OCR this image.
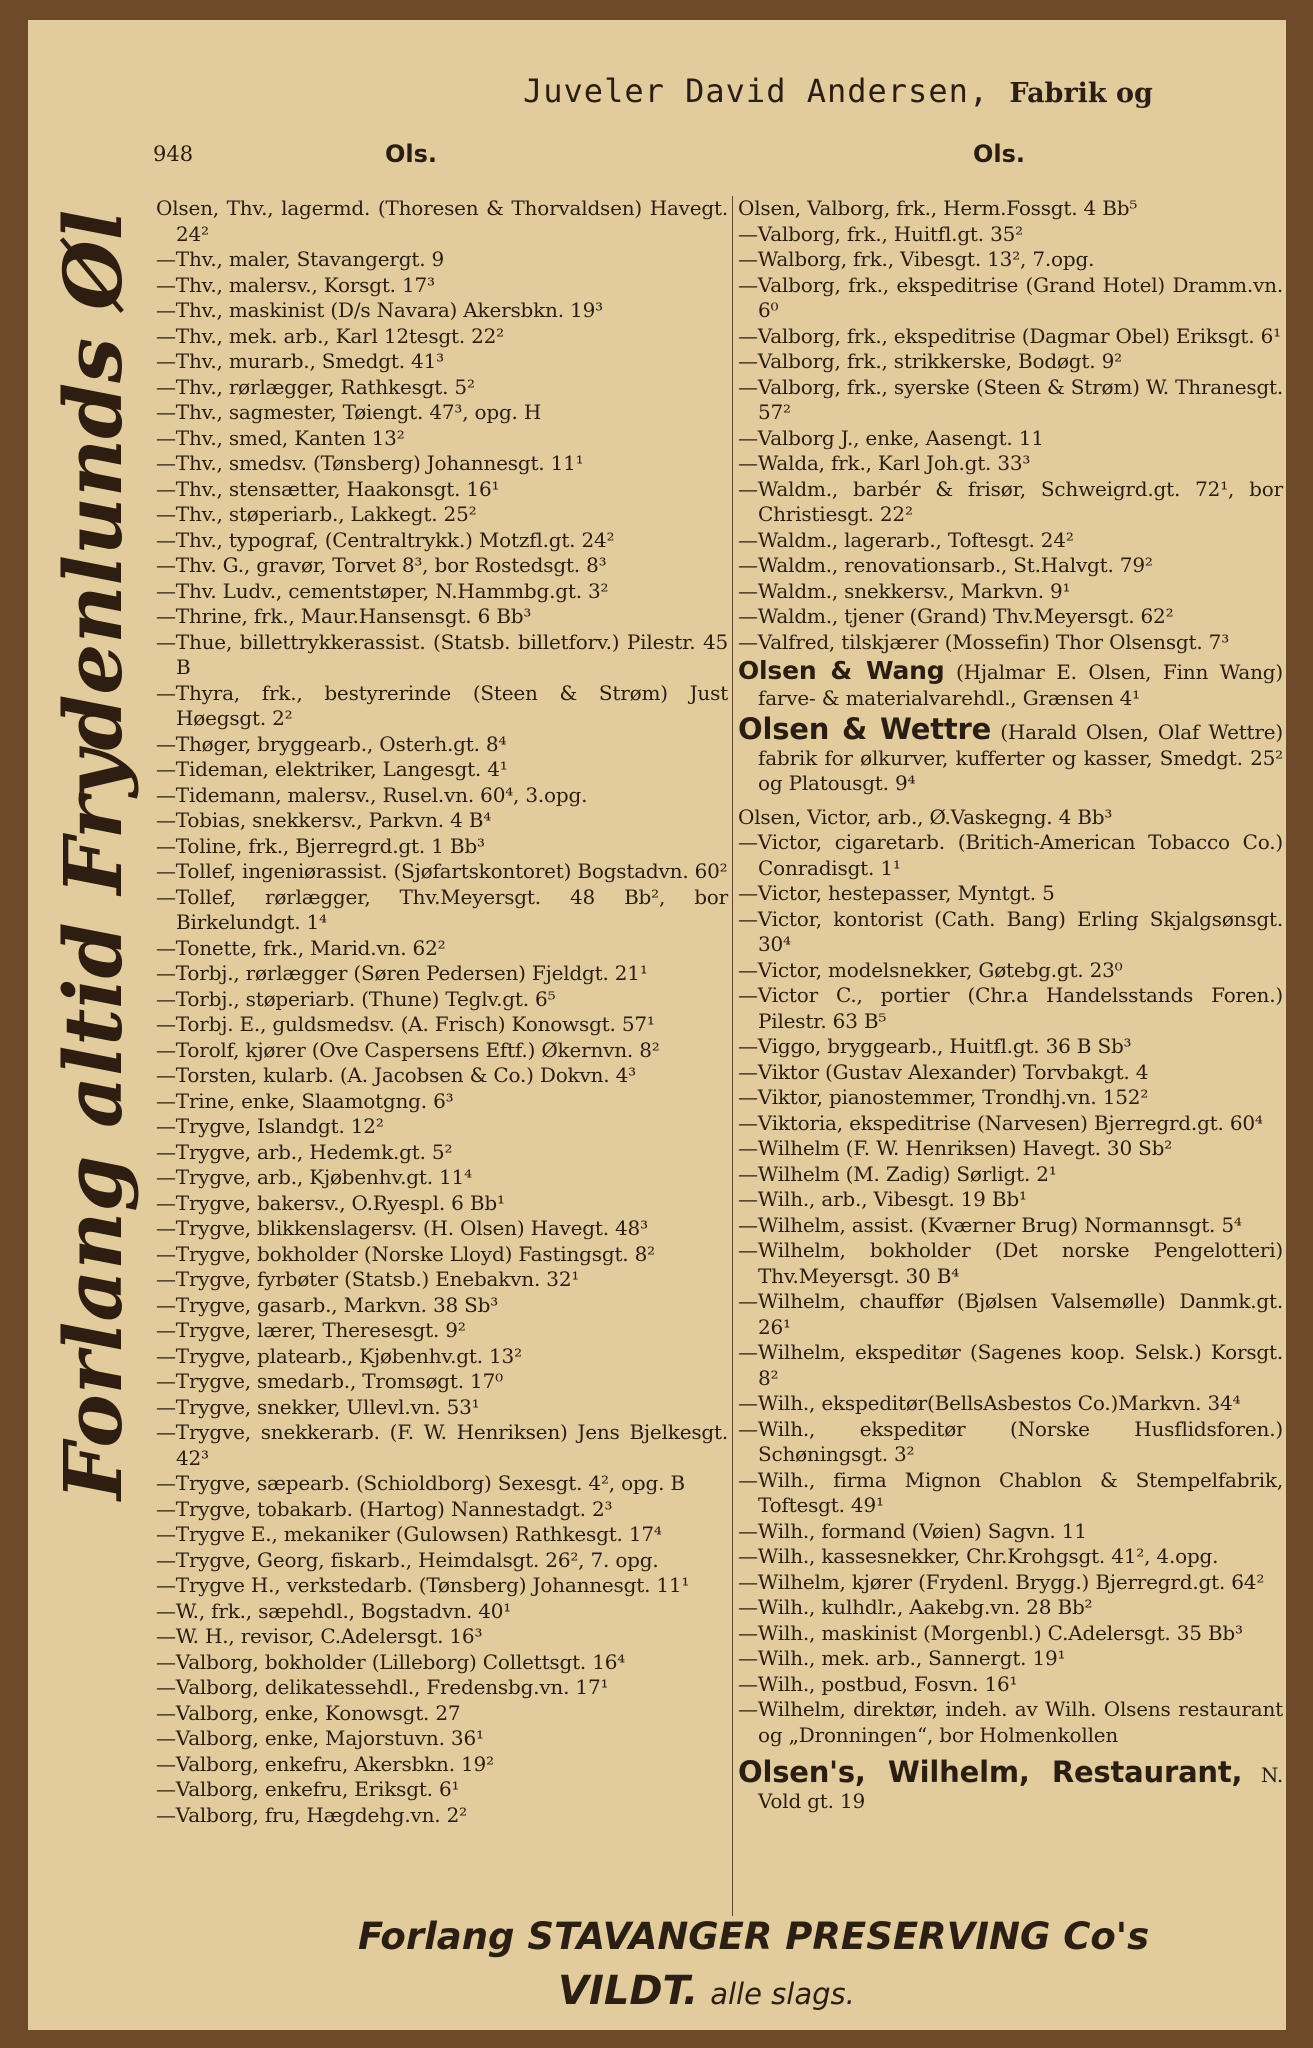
Juveler David Andersen, Fabrik og
948	Ols.	Ols.
Forlang altid Frydenlunds Øl
Olsen, Thv., lagermd. (Thoresen & Thorvaldsen) Havegt. 24²
—Thv., maler, Stavangergt. 9
—Thv., malersv., Korsgt. 17³
—Thv., maskinist (D/s Navara) Akersbkn. 19³
—Thv., mek. arb., Karl 12tesgt. 22²
—Thv., murarb., Smedgt. 41³
—Thv., rørlægger, Rathkesgt. 5²
—Thv., sagmester, Tøiengt. 47³, opg. H
—Thv., smed, Kanten 13²
—Thv., smedsv. (Tønsberg) Johannesgt. 11¹
—Thv., stensætter, Haakonsgt. 16¹
—Thv., støperiarb., Lakkegt. 25²
—Thv., typograf, (Centraltrykk.) Motzfl.gt. 24²
—Thv. G., gravør, Torvet 8³, bor Rostedsgt. 8³
—Thv. Ludv., cementstøper, N.Hammbg.gt. 3²
—Thrine, frk., Maur.Hansensgt. 6 Bb³
—Thue, billettrykkerassist. (Statsb. billetforv.) Pilestr. 45 B
—Thyra, frk., bestyrerinde (Steen & Strøm) Just Høegsgt. 2²
—Thøger, bryggearb., Osterh.gt. 8⁴
—Tideman, elektriker, Langesgt. 4¹
—Tidemann, malersv., Rusel.vn. 60⁴, 3.opg.
—Tobias, snekkersv., Parkvn. 4 B⁴
—Toline, frk., Bjerregrd.gt. 1 Bb³
—Tollef, ingeniørassist. (Sjøfartskontoret) Bogstadvn. 60²
—Tollef, rørlægger, Thv.Meyersgt. 48 Bb², bor Birkelundgt. 1⁴
—Tonette, frk., Marid.vn. 62²
—Torbj., rørlægger (Søren Pedersen) Fjeldgt. 21¹
—Torbj., støperiarb. (Thune) Teglv.gt. 6⁵
—Torbj. E., guldsmedsv. (A. Frisch) Konowsgt. 57¹
—Torolf, kjører (Ove Caspersens Eftf.) Økernvn. 8²
—Torsten, kularb. (A. Jacobsen & Co.) Dokvn. 4³
—Trine, enke, Slaamotgng. 6³
—Trygve, Islandgt. 12²
—Trygve, arb., Hedemk.gt. 5²
—Trygve, arb., Kjøbenhv.gt. 11⁴
—Trygve, bakersv., O.Ryespl. 6 Bb¹
—Trygve, blikkenslagersv. (H. Olsen) Havegt. 48³
—Trygve, bokholder (Norske Lloyd) Fastingsgt. 8²
—Trygve, fyrbøter (Statsb.) Enebakvn. 32¹
—Trygve, gasarb., Markvn. 38 Sb³
—Trygve, lærer, Theresesgt. 9²
—Trygve, platearb., Kjøbenhv.gt. 13²
—Trygve, smedarb., Tromsøgt. 17⁰
—Trygve, snekker, Ullevl.vn. 53¹
—Trygve, snekkerarb. (F. W. Henriksen) Jens Bjelkesgt. 42³
—Trygve, sæpearb. (Schioldborg) Sexesgt. 4², opg. B
—Trygve, tobakarb. (Hartog) Nannestadgt. 2³
—Trygve E., mekaniker (Gulowsen) Rathkesgt. 17⁴
—Trygve, Georg, fiskarb., Heimdalsgt. 26², 7. opg.
—Trygve H., verkstedarb. (Tønsberg) Johannesgt. 11¹
—W., frk., sæpehdl., Bogstadvn. 40¹
—W. H., revisor, C.Adelersgt. 16³
—Valborg, bokholder (Lilleborg) Collettsgt. 16⁴
—Valborg, delikatessehdl., Fredensbg.vn. 17¹
—Valborg, enke, Konowsgt. 27
—Valborg, enke, Majorstuvn. 36¹
—Valborg, enkefru, Akersbkn. 19²
—Valborg, enkefru, Eriksgt. 6¹
—Valborg, fru, Hægdehg.vn. 2²
Olsen, Valborg, frk., Herm.Fossgt. 4 Bb⁵
—Valborg, frk., Huitfl.gt. 35²
—Walborg, frk., Vibesgt. 13², 7.opg.
—Valborg, frk., ekspeditrise (Grand Hotel) Dramm.vn. 6⁰
—Valborg, frk., ekspeditrise (Dagmar Obel) Eriksgt. 6¹
—Valborg, frk., strikkerske, Bodøgt. 9²
—Valborg, frk., syerske (Steen & Strøm) W. Thranesgt. 57²
—Valborg J., enke, Aasengt. 11
—Walda, frk., Karl Joh.gt. 33³
—Waldm., barbér & frisør, Schweigrd.gt. 72¹, bor Christiesgt. 22²
—Waldm., lagerarb., Toftesgt. 24²
—Waldm., renovationsarb., St.Halvgt. 79²
—Waldm., snekkersv., Markvn. 9¹
—Waldm., tjener (Grand) Thv.Meyersgt. 62²
—Valfred, tilskjærer (Mossefin) Thor Olsensgt. 7³
Olsen & Wang (Hjalmar E. Olsen, Finn Wang) farve- & materialvarehdl., Grænsen 4¹
Olsen & Wettre (Harald Olsen, Olaf Wettre) fabrik for ølkurver, kufferter og kasser, Smedgt. 25² og Platousgt. 9⁴
Olsen, Victor, arb., Ø.Vaskegng. 4 Bb³
—Victor, cigaretarb. (Britich-American Tobacco Co.) Conradisgt. 1¹
—Victor, hestepasser, Myntgt. 5
—Victor, kontorist (Cath. Bang) Erling Skjalgsønsgt. 30⁴
—Victor, modelsnekker, Gøtebg.gt. 23⁰
—Victor C., portier (Chr.a Handelsstands Foren.) Pilestr. 63 B⁵
—Viggo, bryggearb., Huitfl.gt. 36 B Sb³
—Viktor (Gustav Alexander) Torvbakgt. 4
—Viktor, pianostemmer, Trondhj.vn. 152²
—Viktoria, ekspeditrise (Narvesen) Bjerregrd.gt. 60⁴
—Wilhelm (F. W. Henriksen) Havegt. 30 Sb²
—Wilhelm (M. Zadig) Sørligt. 2¹
—Wilh., arb., Vibesgt. 19 Bb¹
—Wilhelm, assist. (Kværner Brug) Normannsgt. 5⁴
—Wilhelm, bokholder (Det norske Pengelotteri) Thv.Meyersgt. 30 B⁴
—Wilhelm, chauffør (Bjølsen Valsemølle) Danmk.gt. 26¹
—Wilhelm, ekspeditør (Sagenes koop. Selsk.) Korsgt. 8²
—Wilh., ekspeditør(BellsAsbestos Co.)Markvn. 34⁴
—Wilh., ekspeditør (Norske Husflidsforen.) Schøningsgt. 3²
—Wilh., firma Mignon Chablon & Stempelfabrik, Toftesgt. 49¹
—Wilh., formand (Vøien) Sagvn. 11
—Wilh., kassesnekker, Chr.Krohgsgt. 41², 4.opg.
—Wilhelm, kjører (Frydenl. Brygg.) Bjerregrd.gt. 64²
—Wilh., kulhdlr., Aakebg.vn. 28 Bb²
—Wilh., maskinist (Morgenbl.) C.Adelersgt. 35 Bb³
—Wilh., mek. arb., Sannergt. 19¹
—Wilh., postbud, Fosvn. 16¹
—Wilhelm, direktør, indeh. av Wilh. Olsens restaurant og „Dronningen“, bor Holmenkollen
Olsen's, Wilhelm, Restaurant, N. Vold gt. 19
Forlang STAVANGER PRESERVING Co's
VILDT. alle slags.
